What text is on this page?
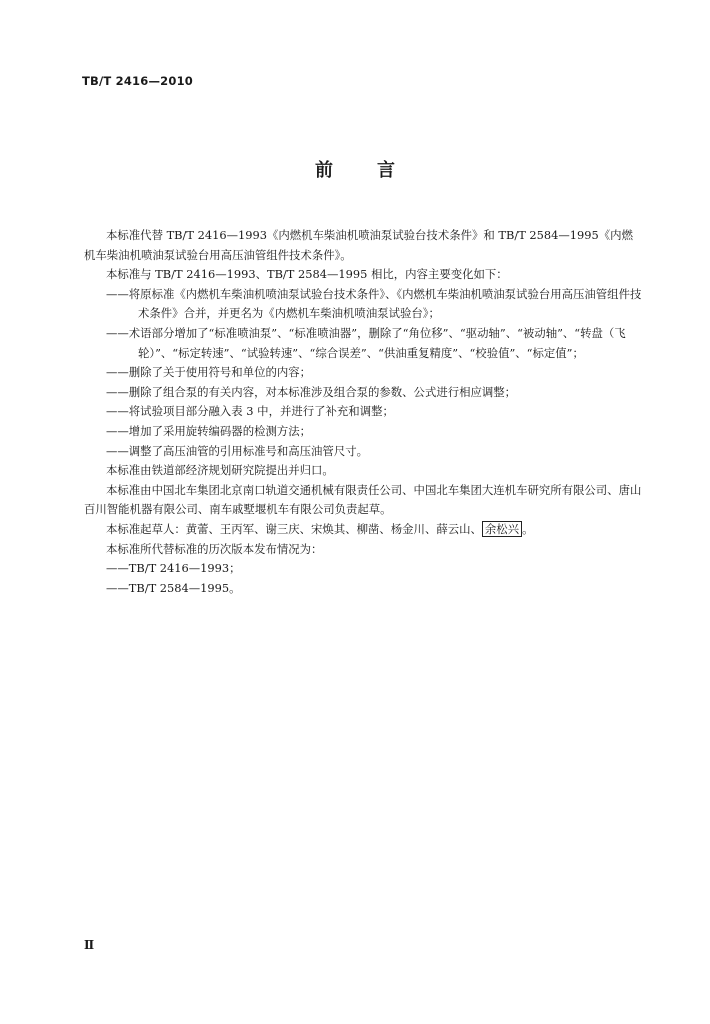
TB/T 2416—2010
前 言

本标准代替 TB/T 2416—1993《内燃机车柴油机喷油泵试验台技术条件》和 TB/T 2584—1995《内燃机车柴油机喷油泵试验台用高压油管组件技术条件》。

本标准与 TB/T 2416—1993、TB/T 2584—1995 相比，内容主要变化如下：

——将原标准《内燃机车柴油机喷油泵试验台技术条件》、《内燃机车柴油机喷油泵试验台用高压油管组件技术条件》合并，并更名为《内燃机车柴油机喷油泵试验台》；

——术语部分增加了“标准喷油泵”、“标准喷油器”，删除了“角位移”、“驱动轴”、“被动轴”、“转盘（飞轮）”、“标定转速”、“试验转速”、“综合误差”、“供油重复精度”、“校验值”、“标定值”；

——删除了关于使用符号和单位的内容；

——删除了组合泵的有关内容，对本标准涉及组合泵的参数、公式进行相应调整；

——将试验项目部分融入表 3 中，并进行了补充和调整；

——增加了采用旋转编码器的检测方法；

——调整了高压油管的引用标准号和高压油管尺寸。

本标准由铁道部经济规划研究院提出并归口。

本标准由中国北车集团北京南口轨道交通机械有限责任公司、中国北车集团大连机车研究所有限公司、唐山百川智能机器有限公司、南车戚墅堰机车有限公司负责起草。

本标准起草人：黄蕾、王丙军、谢三庆、宋焕其、柳凿、杨金川、薛云山、 余松兴 。

本标准所代替标准的历次版本发布情况为：

——TB/T 2416—1993；

——TB/T 2584—1995。

Ⅱ
